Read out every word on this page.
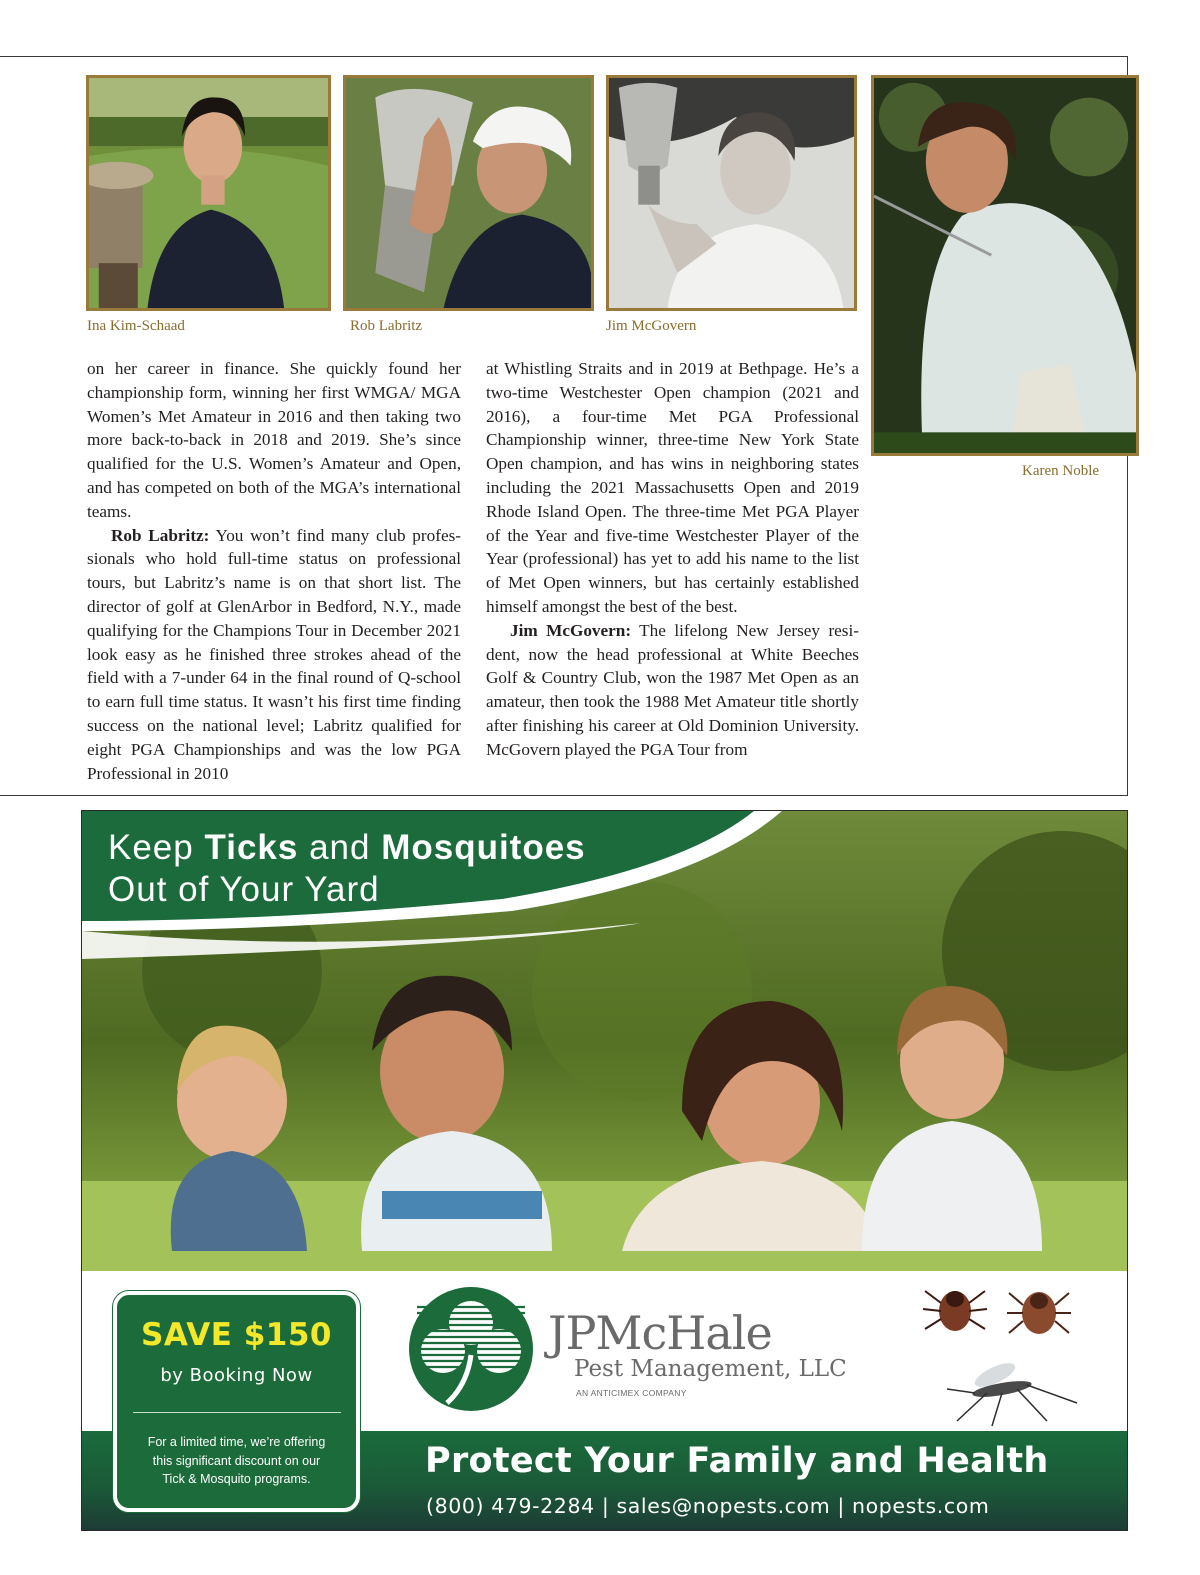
Ina Kim-Schaad	Rob Labritz	Jim McGovern
Karen Noble

on her career in finance. She quickly found her championship form, winning her first WMGA/ MGA Women’s Met Amateur in 2016 and then taking two more back-to-back in 2018 and 2019. She’s since qualified for the U.S. Women’s Amateur and Open, and has competed on both of the MGA’s international teams.

Rob Labritz: You won’t find many club professionals who hold full-time status on professional tours, but Labritz’s name is on that short list. The director of golf at GlenArbor in Bedford, N.Y., made qualifying for the Champions Tour in December 2021 look easy as he finished three strokes ahead of the field with a 7-under 64 in the final round of Q-school to earn full time status. It wasn’t his first time finding success on the national level; Labritz qualified for eight PGA Championships and was the low PGA Professional in 2010

at Whistling Straits and in 2019 at Bethpage. He’s a two-time Westchester Open champion (2021 and 2016), a four-time Met PGA Professional Championship winner, three-time New York State Open champion, and has wins in neighboring states including the 2021 Massachusetts Open and 2019 Rhode Island Open. The three-time Met PGA Player of the Year and five-time Westchester Player of the Year (professional) has yet to add his name to the list of Met Open winners, but has certainly established himself amongst the best of the best.

Jim McGovern: The lifelong New Jersey resident, now the head professional at White Beeches Golf & Country Club, won the 1987 Met Open as an amateur, then took the 1988 Met Amateur title shortly after finishing his career at Old Dominion University. McGovern played the PGA Tour from

Keep Ticks and Mosquitoes
Out of Your Yard
Protect Your Family and Health
(800) 479-2284 | sales@nopests.com | nopests.com
SAVE $150
by Booking Now
For a limited time, we’re offering
this significant discount on our
Tick & Mosquito programs.
JPMcHale
Pest Management, LLC
AN ANTICIMEX COMPANY
